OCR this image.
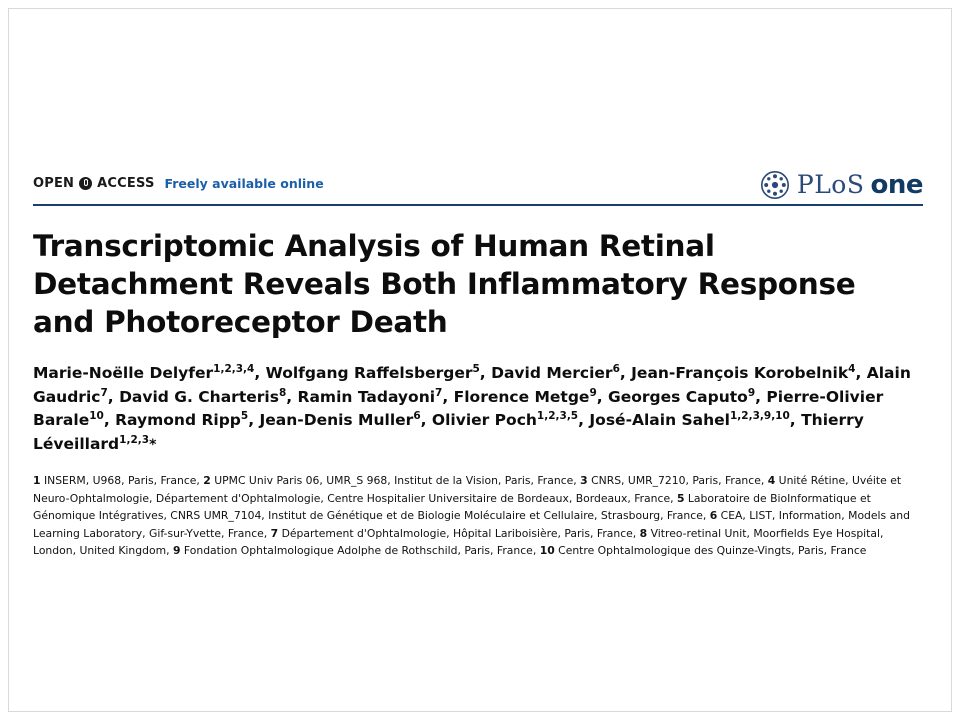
OPEN ACCESS Freely available online	PLoS one
Transcriptomic Analysis of Human Retinal Detachment Reveals Both Inflammatory Response and Photoreceptor Death
Marie-Noëlle Delyfer$^{1,2,3,4}$, Wolfgang Raffelsberger$^5$, David Mercier$^6$, Jean-François Korobelnik$^4$, Alain Gaudric$^7$, David G. Charteris$^8$, Ramin Tadayoni$^7$, Florence Metge$^9$, Georges Caputo$^9$, Pierre-Olivier Barale$^{10}$, Raymond Ripp$^5$, Jean-Denis Muller$^6$, Olivier Poch$^{1,2,3,5}$, José-Alain Sahel$^{1,2,3,9,10}$, Thierry Léveillard$^{1,2,3}$*
1 INSERM, U968, Paris, France, 2 UPMC Univ Paris 06, UMR_S 968, Institut de la Vision, Paris, France, 3 CNRS, UMR_7210, Paris, France, 4 Unité Rétine, Uvéite et Neuro-Ophtalmologie, Département d'Ophtalmologie, Centre Hospitalier Universitaire de Bordeaux, Bordeaux, France, 5 Laboratoire de BioInformatique et Génomique Intégratives, CNRS UMR_7104, Institut de Génétique et de Biologie Moléculaire et Cellulaire, Strasbourg, France, 6 CEA, LIST, Information, Models and Learning Laboratory, Gif-sur-Yvette, France, 7 Département d'Ophtalmologie, Hôpital Lariboisière, Paris, France, 8 Vitreo-retinal Unit, Moorfields Eye Hospital, London, United Kingdom, 9 Fondation Ophtalmologique Adolphe de Rothschild, Paris, France, 10 Centre Ophtalmologique des Quinze-Vingts, Paris, France
